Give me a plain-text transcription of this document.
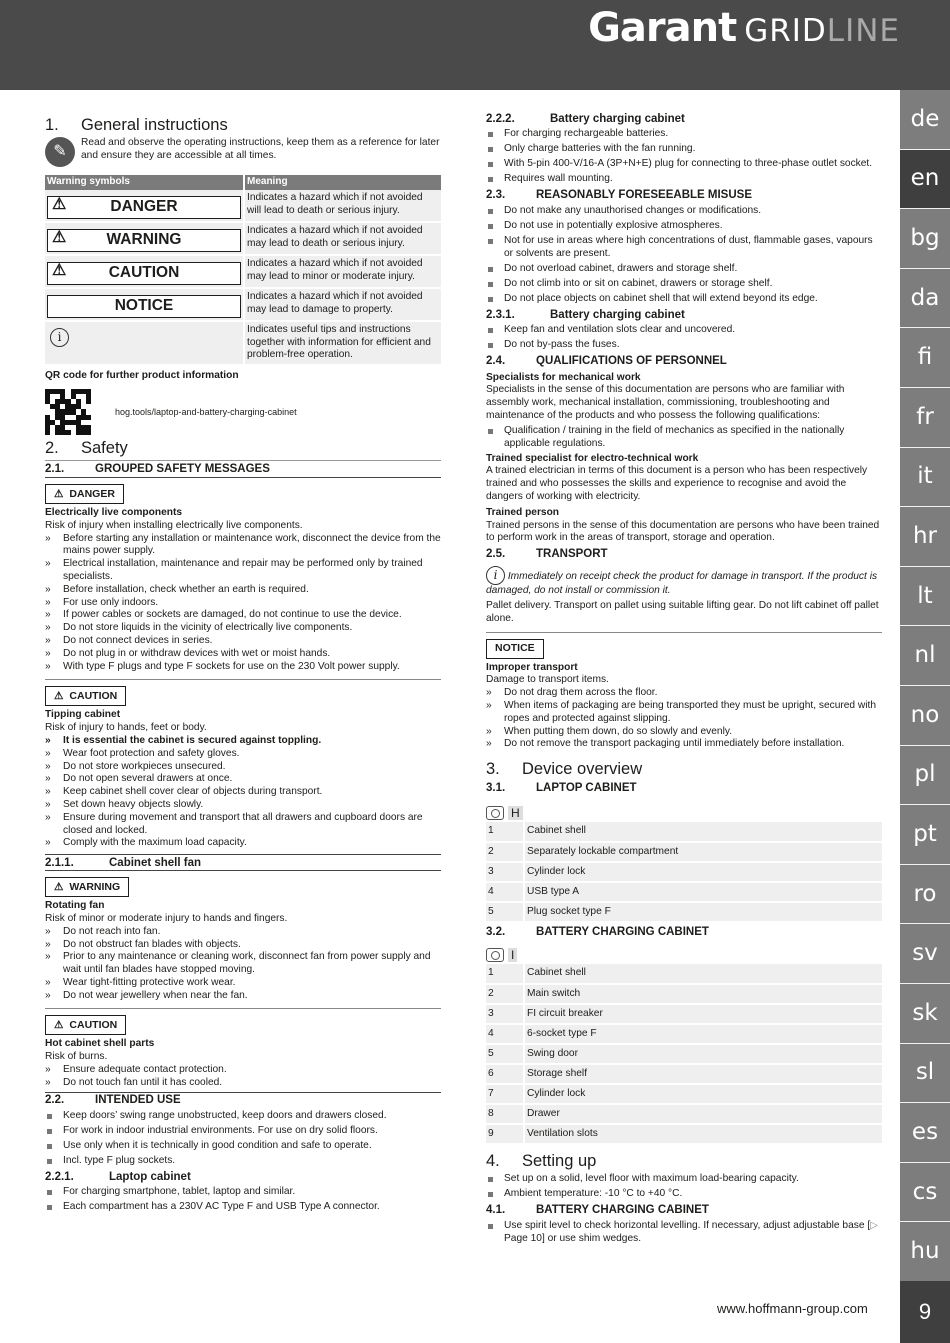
Garant GRIDLINE
de
en
bg
da
fi
fr
it
hr
lt
nl
no
pl
pt
ro
sv
sk
sl
es
cs
hu
9
www.hoffmann-group.com
1. General instructions
✎
Read and observe the operating instructions, keep them as a reference for later and ensure they are accessible at all times.
Warning symbols	Meaning

⚠ DANGER	Indicates a hazard which if not avoided will lead to death or serious injury.

⚠ WARNING	Indicates a hazard which if not avoided may lead to death or serious injury.

⚠ CAUTION	Indicates a hazard which if not avoided may lead to minor or moderate injury.

NOTICE	Indicates a hazard which if not avoided may lead to damage to property.
i	Indicates useful tips and instructions together with information for efficient and problem-free operation.
QR code for further product information
hog.tools/laptop-and-battery-charging-cabinet
2. Safety
2.1.	GROUPED SAFETY MESSAGES
⚠ DANGER
Electrically live components
Risk of injury when installing electrically live components.
» Before starting any installation or maintenance work, disconnect the device from the mains power supply.
» Electrical installation, maintenance and repair may be performed only by trained specialists.
» Before installation, check whether an earth is required.
» For use only indoors.
» If power cables or sockets are damaged, do not continue to use the device.
» Do not store liquids in the vicinity of electrically live components.
» Do not connect devices in series.
» Do not plug in or withdraw devices with wet or moist hands.
» With type F plugs and type F sockets for use on the 230 Volt power supply.
⚠ CAUTION
Tipping cabinet
Risk of injury to hands, feet or body.
» It is essential the cabinet is secured against toppling.
» Wear foot protection and safety gloves.
» Do not store workpieces unsecured.
» Do not open several drawers at once.
» Keep cabinet shell cover clear of objects during transport.
» Set down heavy objects slowly.
» Ensure during movement and transport that all drawers and cupboard doors are closed and locked.
» Comply with the maximum load capacity.
2.1.1.	Cabinet shell fan
⚠ WARNING
Rotating fan
Risk of minor or moderate injury to hands and fingers.
» Do not reach into fan.
» Do not obstruct fan blades with objects.
» Prior to any maintenance or cleaning work, disconnect fan from power supply and wait until fan blades have stopped moving.
» Wear tight-fitting protective work wear.
» Do not wear jewellery when near the fan.
⚠ CAUTION
Hot cabinet shell parts
Risk of burns.
» Ensure adequate contact protection.
» Do not touch fan until it has cooled.
2.2.	INTENDED USE
Keep doors’ swing range unobstructed, keep doors and drawers closed.
For work in indoor industrial environments. For use on dry solid floors.
Use only when it is technically in good condition and safe to operate.
Incl. type F plug sockets.
2.2.1.	Laptop cabinet
For charging smartphone, tablet, laptop and similar.
Each compartment has a 230V AC Type F and USB Type A connector.
2.2.2.	Battery charging cabinet
For charging rechargeable batteries.
Only charge batteries with the fan running.
With 5-pin 400-V/16-A (3P+N+E) plug for connecting to three-phase outlet socket.
Requires wall mounting.
2.3.	REASONABLY FORESEEABLE MISUSE
Do not make any unauthorised changes or modifications.
Do not use in potentially explosive atmospheres.
Not for use in areas where high concentrations of dust, flammable gases, vapours or solvents are present.
Do not overload cabinet, drawers and storage shelf.
Do not climb into or sit on cabinet, drawers or storage shelf.
Do not place objects on cabinet shell that will extend beyond its edge.
2.3.1.	Battery charging cabinet
Keep fan and ventilation slots clear and uncovered.
Do not by-pass the fuses.
2.4.	QUALIFICATIONS OF PERSONNEL
Specialists for mechanical work
Specialists in the sense of this documentation are persons who are familiar with assembly work, mechanical installation, commissioning, troubleshooting and maintenance of the products and who possess the following qualifications:
Qualification / training in the field of mechanics as specified in the nationally applicable regulations.
Trained specialist for electro-technical work
A trained electrician in terms of this document is a person who has been respectively trained and who possesses the skills and experience to recognise and avoid the dangers of working with electricity.
Trained person
Trained persons in the sense of this documentation are persons who have been trained to perform work in the areas of transport, storage and operation.
2.5.	TRANSPORT
i Immediately on receipt check the product for damage in transport. If the product is damaged, do not install or commission it.
Pallet delivery. Transport on pallet using suitable lifting gear. Do not lift cabinet off pallet alone.
NOTICE
Improper transport
Damage to transport items.
» Do not drag them across the floor.
» When items of packaging are being transported they must be upright, secured with ropes and protected against slipping.
» When putting them down, do so slowly and evenly.
» Do not remove the transport packaging until immediately before installation.
3. Device overview
3.1.	LAPTOP CABINET
H
1	Cabinet shell
2	Separately lockable compartment
3	Cylinder lock
4	USB type A
5	Plug socket type F
3.2.	BATTERY CHARGING CABINET
I
1	Cabinet shell
2	Main switch
3	FI circuit breaker
4	6-socket type F
5	Swing door
6	Storage shelf
7	Cylinder lock
8	Drawer
9	Ventilation slots
4. Setting up
Set up on a solid, level floor with maximum load-bearing capacity.
Ambient temperature: -10 °C to +40 °C.
4.1.	BATTERY CHARGING CABINET
Use spirit level to check horizontal levelling. If necessary, adjust adjustable base [▷ Page 10] or use shim wedges.
